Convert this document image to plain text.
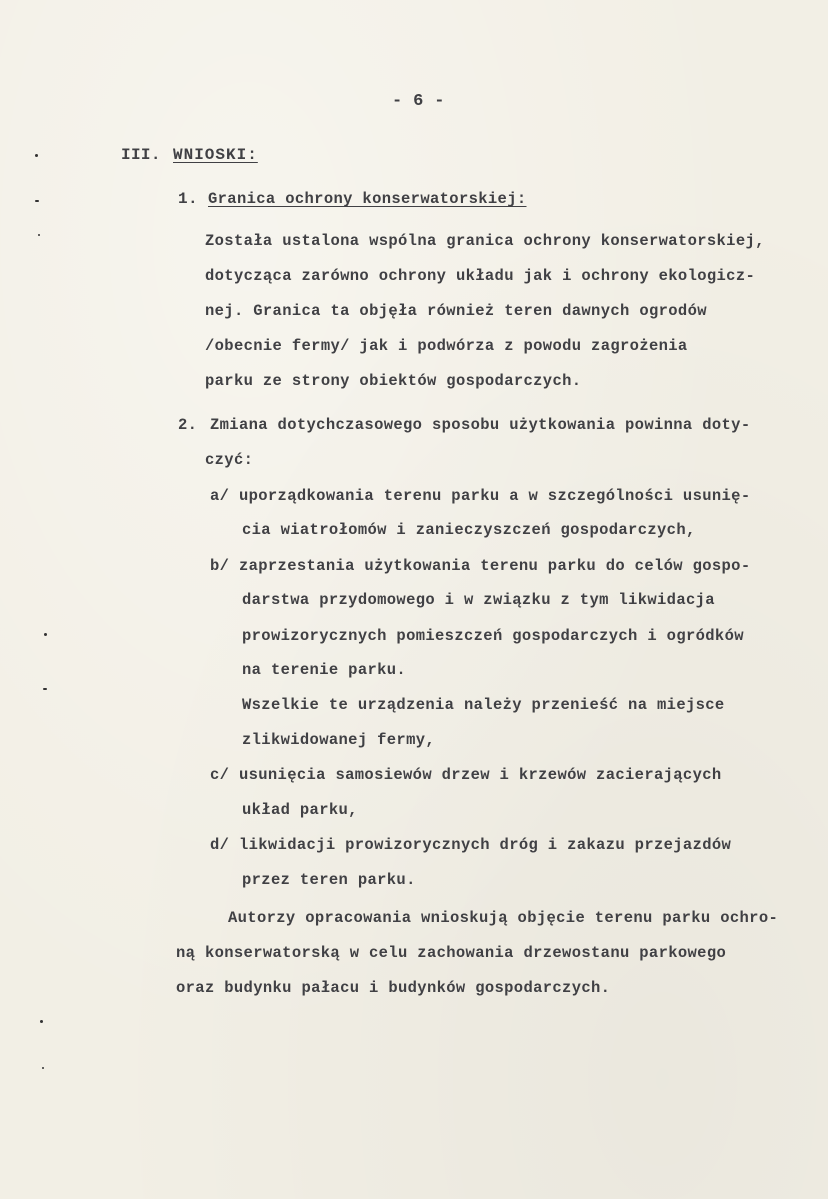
- 6 -
III. WNIOSKI:
1. Granica ochrony konserwatorskiej:
Została ustalona wspólna granica ochrony konserwatorskiej,
dotycząca zarówno ochrony układu jak i ochrony ekologicz-
nej. Granica ta objęła również teren dawnych ogrodów
/obecnie fermy/ jak i podwórza z powodu zagrożenia
parku ze strony obiektów gospodarczych.
2. Zmiana dotychczasowego sposobu użytkowania powinna doty-
czyć:
a/ uporządkowania terenu parku a w szczególności usunię-
cia wiatrołomów i zanieczyszczeń gospodarczych,
b/ zaprzestania użytkowania terenu parku do celów gospo-
darstwa przydomowego i w związku z tym likwidacja
prowizorycznych pomieszczeń gospodarczych i ogródków
na terenie parku.
Wszelkie te urządzenia należy przenieść na miejsce
zlikwidowanej fermy,
c/ usunięcia samosiewów drzew i krzewów zacierających
układ parku,
d/ likwidacji prowizorycznych dróg i zakazu przejazdów
przez teren parku.
Autorzy opracowania wnioskują objęcie terenu parku ochro-
ną konserwatorską w celu zachowania drzewostanu parkowego
oraz budynku pałacu i budynków gospodarczych.
